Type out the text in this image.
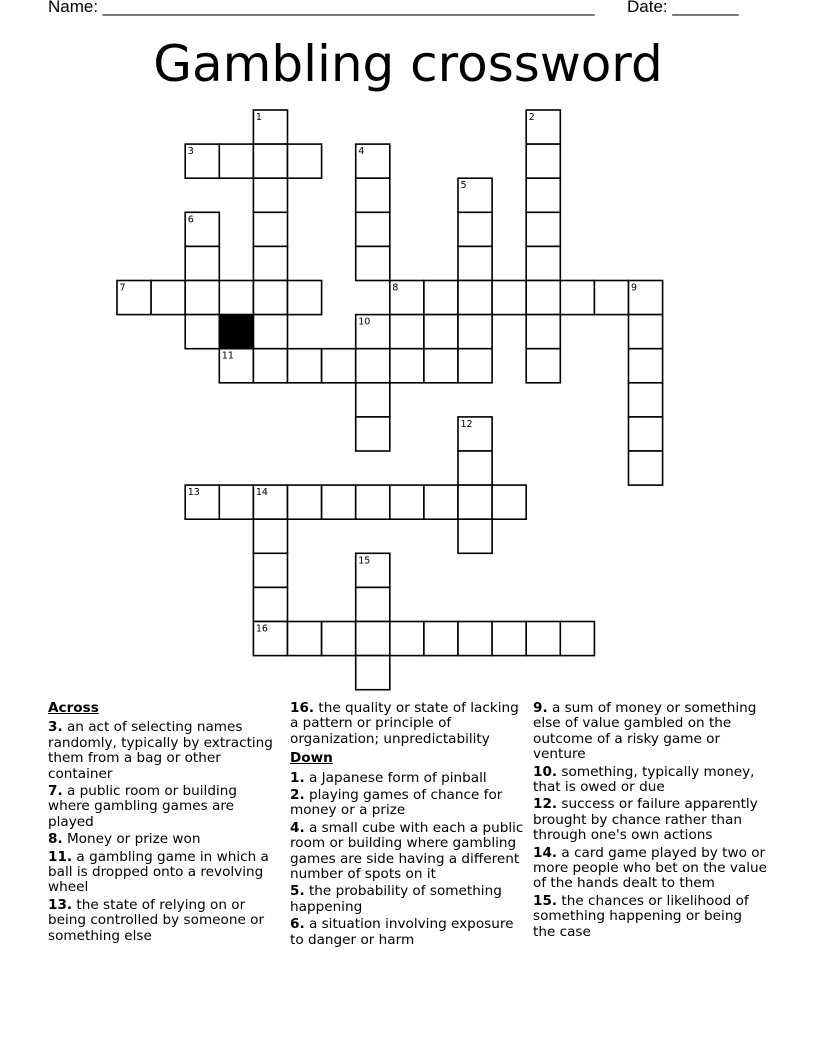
Name: ____________________________________________________ Date: _______
Gambling crossword
1	2
3	4
5
6
7	8	9
10
11
12
13	14
15
16
Across
3. an act of selecting names randomly, typically by extracting them from a bag or other container
7. a public room or building where gambling games are played
8. Money or prize won
11. a gambling game in which a ball is dropped onto a revolving wheel
13. the state of relying on or being controlled by someone or something else
16. the quality or state of lacking a pattern or principle of organization; unpredictability
Down
1. a Japanese form of pinball
2. playing games of chance for money or a prize
4. a small cube with each a public room or building where gambling games are side having a different number of spots on it
5. the probability of something happening
6. a situation involving exposure to danger or harm
9. a sum of money or something else of value gambled on the outcome of a risky game or venture
10. something, typically money, that is owed or due
12. success or failure apparently brought by chance rather than through one's own actions
14. a card game played by two or more people who bet on the value of the hands dealt to them
15. the chances or likelihood of something happening or being the case
